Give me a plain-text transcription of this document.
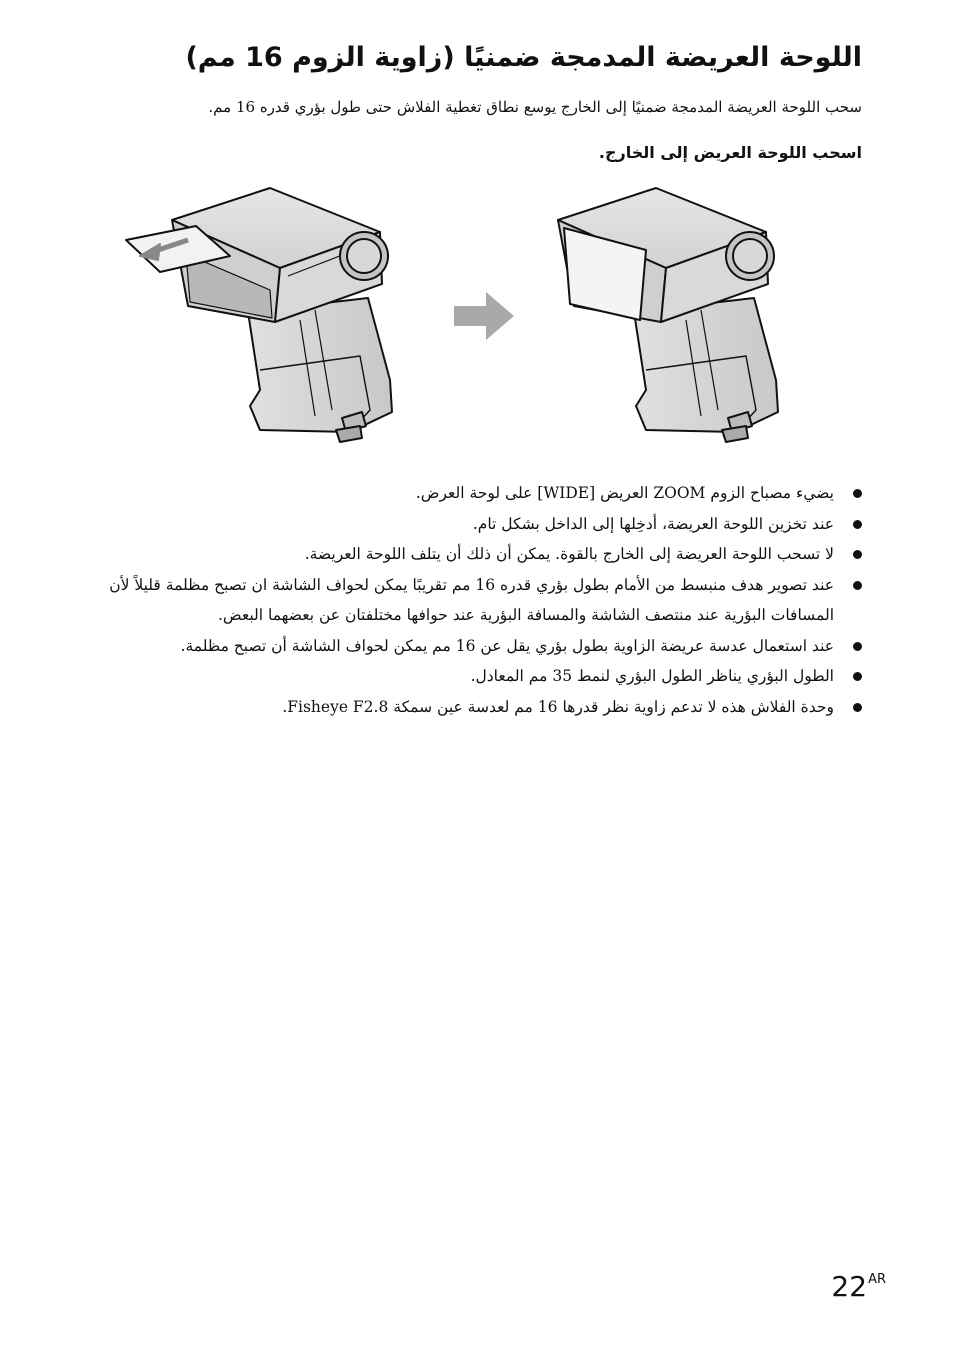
اللوحة العريضة المدمجة ضمنيًا (زاوية الزوم 16 مم)
سحب اللوحة العريضة المدمجة ضمنيًا إلى الخارج يوسع نطاق تغطية الفلاش حتى طول بؤري قدره 16 مم.
اسحب اللوحة العريض إلى الخارج.
يضيء مصباح الزوم ZOOM العريض [WIDE] على لوحة العرض.
عند تخزين اللوحة العريضة، أدخِلها إلى الداخل بشكل تام.
لا تسحب اللوحة العريضة إلى الخارج بالقوة. يمكن أن ذلك أن يتلف اللوحة العريضة.
عند تصوير هدف منبسط من الأمام بطول بؤري قدره 16 مم تقريبًا يمكن لحواف الشاشة ان تصبح مظلمة قليلاً لأن المسافات البؤرية عند منتصف الشاشة والمسافة البؤرية عند حوافها مختلفتان عن بعضهما البعض.
عند استعمال عدسة عريضة الزاوية بطول بؤري يقل عن 16 مم يمكن لحواف الشاشة أن تصبح مظلمة.
الطول البؤري يناظر الطول البؤري لنمط 35 مم المعادل.
وحدة الفلاش هذه لا تدعم زاوية نظر قدرها 16 مم لعدسة عين سمكة Fisheye F2.8.
$22^{AR}$
